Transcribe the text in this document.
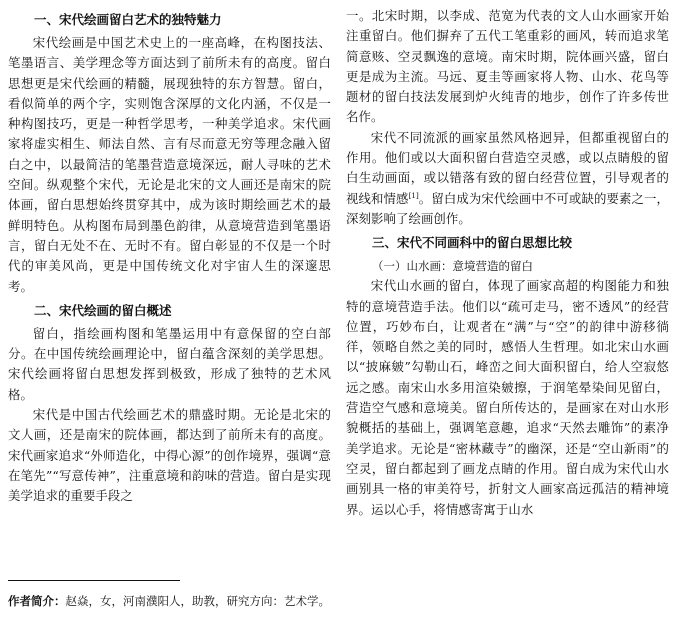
一、宋代绘画留白艺术的独特魅力

宋代绘画是中国艺术史上的一座高峰，在构图技法、笔墨语言、美学理念等方面达到了前所未有的高度。留白思想更是宋代绘画的精髓，展现独特的东方智慧。留白，看似简单的两个字，实则饱含深厚的文化内涵，不仅是一种构图技巧，更是一种哲学思考，一种美学追求。宋代画家将虚实相生、师法自然、言有尽而意无穷等理念融入留白之中，以最简洁的笔墨营造意境深远，耐人寻味的艺术空间。纵观整个宋代，无论是北宋的文人画还是南宋的院体画，留白思想始终贯穿其中，成为该时期绘画艺术的最鲜明特色。从构图布局到墨色韵律，从意境营造到笔墨语言，留白无处不在、无时不有。留白彰显的不仅是一个时代的审美风尚，更是中国传统文化对宇宙人生的深邃思考。

二、宋代绘画的留白概述

留白，指绘画构图和笔墨运用中有意保留的空白部分。在中国传统绘画理论中，留白蕴含深刻的美学思想。宋代绘画将留白思想发挥到极致，形成了独特的艺术风格。

宋代是中国古代绘画艺术的鼎盛时期。无论是北宋的文人画，还是南宋的院体画，都达到了前所未有的高度。宋代画家追求“外师造化，中得心源”的创作境界，强调“意在笔先”“写意传神”，注重意境和韵味的营造。留白是实现美学追求的重要手段之

一。北宋时期，以李成、范宽为代表的文人山水画家开始注重留白。他们摒弃了五代工笔重彩的画风，转而追求笔简意赅、空灵飘逸的意境。南宋时期，院体画兴盛，留白更是成为主流。马远、夏圭等画家将人物、山水、花鸟等题材的留白技法发展到炉火纯青的地步，创作了许多传世名作。

宋代不同流派的画家虽然风格迥异，但都重视留白的作用。他们或以大面积留白营造空灵感，或以点睛般的留白生动画面，或以错落有致的留白经营位置，引导观者的视线和情感[1]。留白成为宋代绘画中不可或缺的要素之一，深刻影响了绘画创作。

三、宋代不同画科中的留白思想比较
（一）山水画：意境营造的留白

宋代山水画的留白，体现了画家高超的构图能力和独特的意境营造手法。他们以“疏可走马，密不透风”的经营位置，巧妙布白，让观者在“满”与“空”的韵律中游移徜徉，领略自然之美的同时，感悟人生哲理。如北宋山水画以“披麻皴”勾勒山石，峰峦之间大面积留白，给人空寂悠远之感。南宋山水多用渲染皴擦，于润笔晕染间见留白，营造空气感和意境美。留白所传达的，是画家在对山水形貌概括的基础上，强调笔意趣，追求“天然去雕饰”的素净美学追求。无论是“密林藏寺”的幽深，还是“空山新雨”的空灵，留白都起到了画龙点睛的作用。留白成为宋代山水画别具一格的审美符号，折射文人画家高远孤洁的精神境界。运以心手，将情感寄寓于山水

作者简介：赵焱，女，河南濮阳人，助教，研究方向：艺术学。
